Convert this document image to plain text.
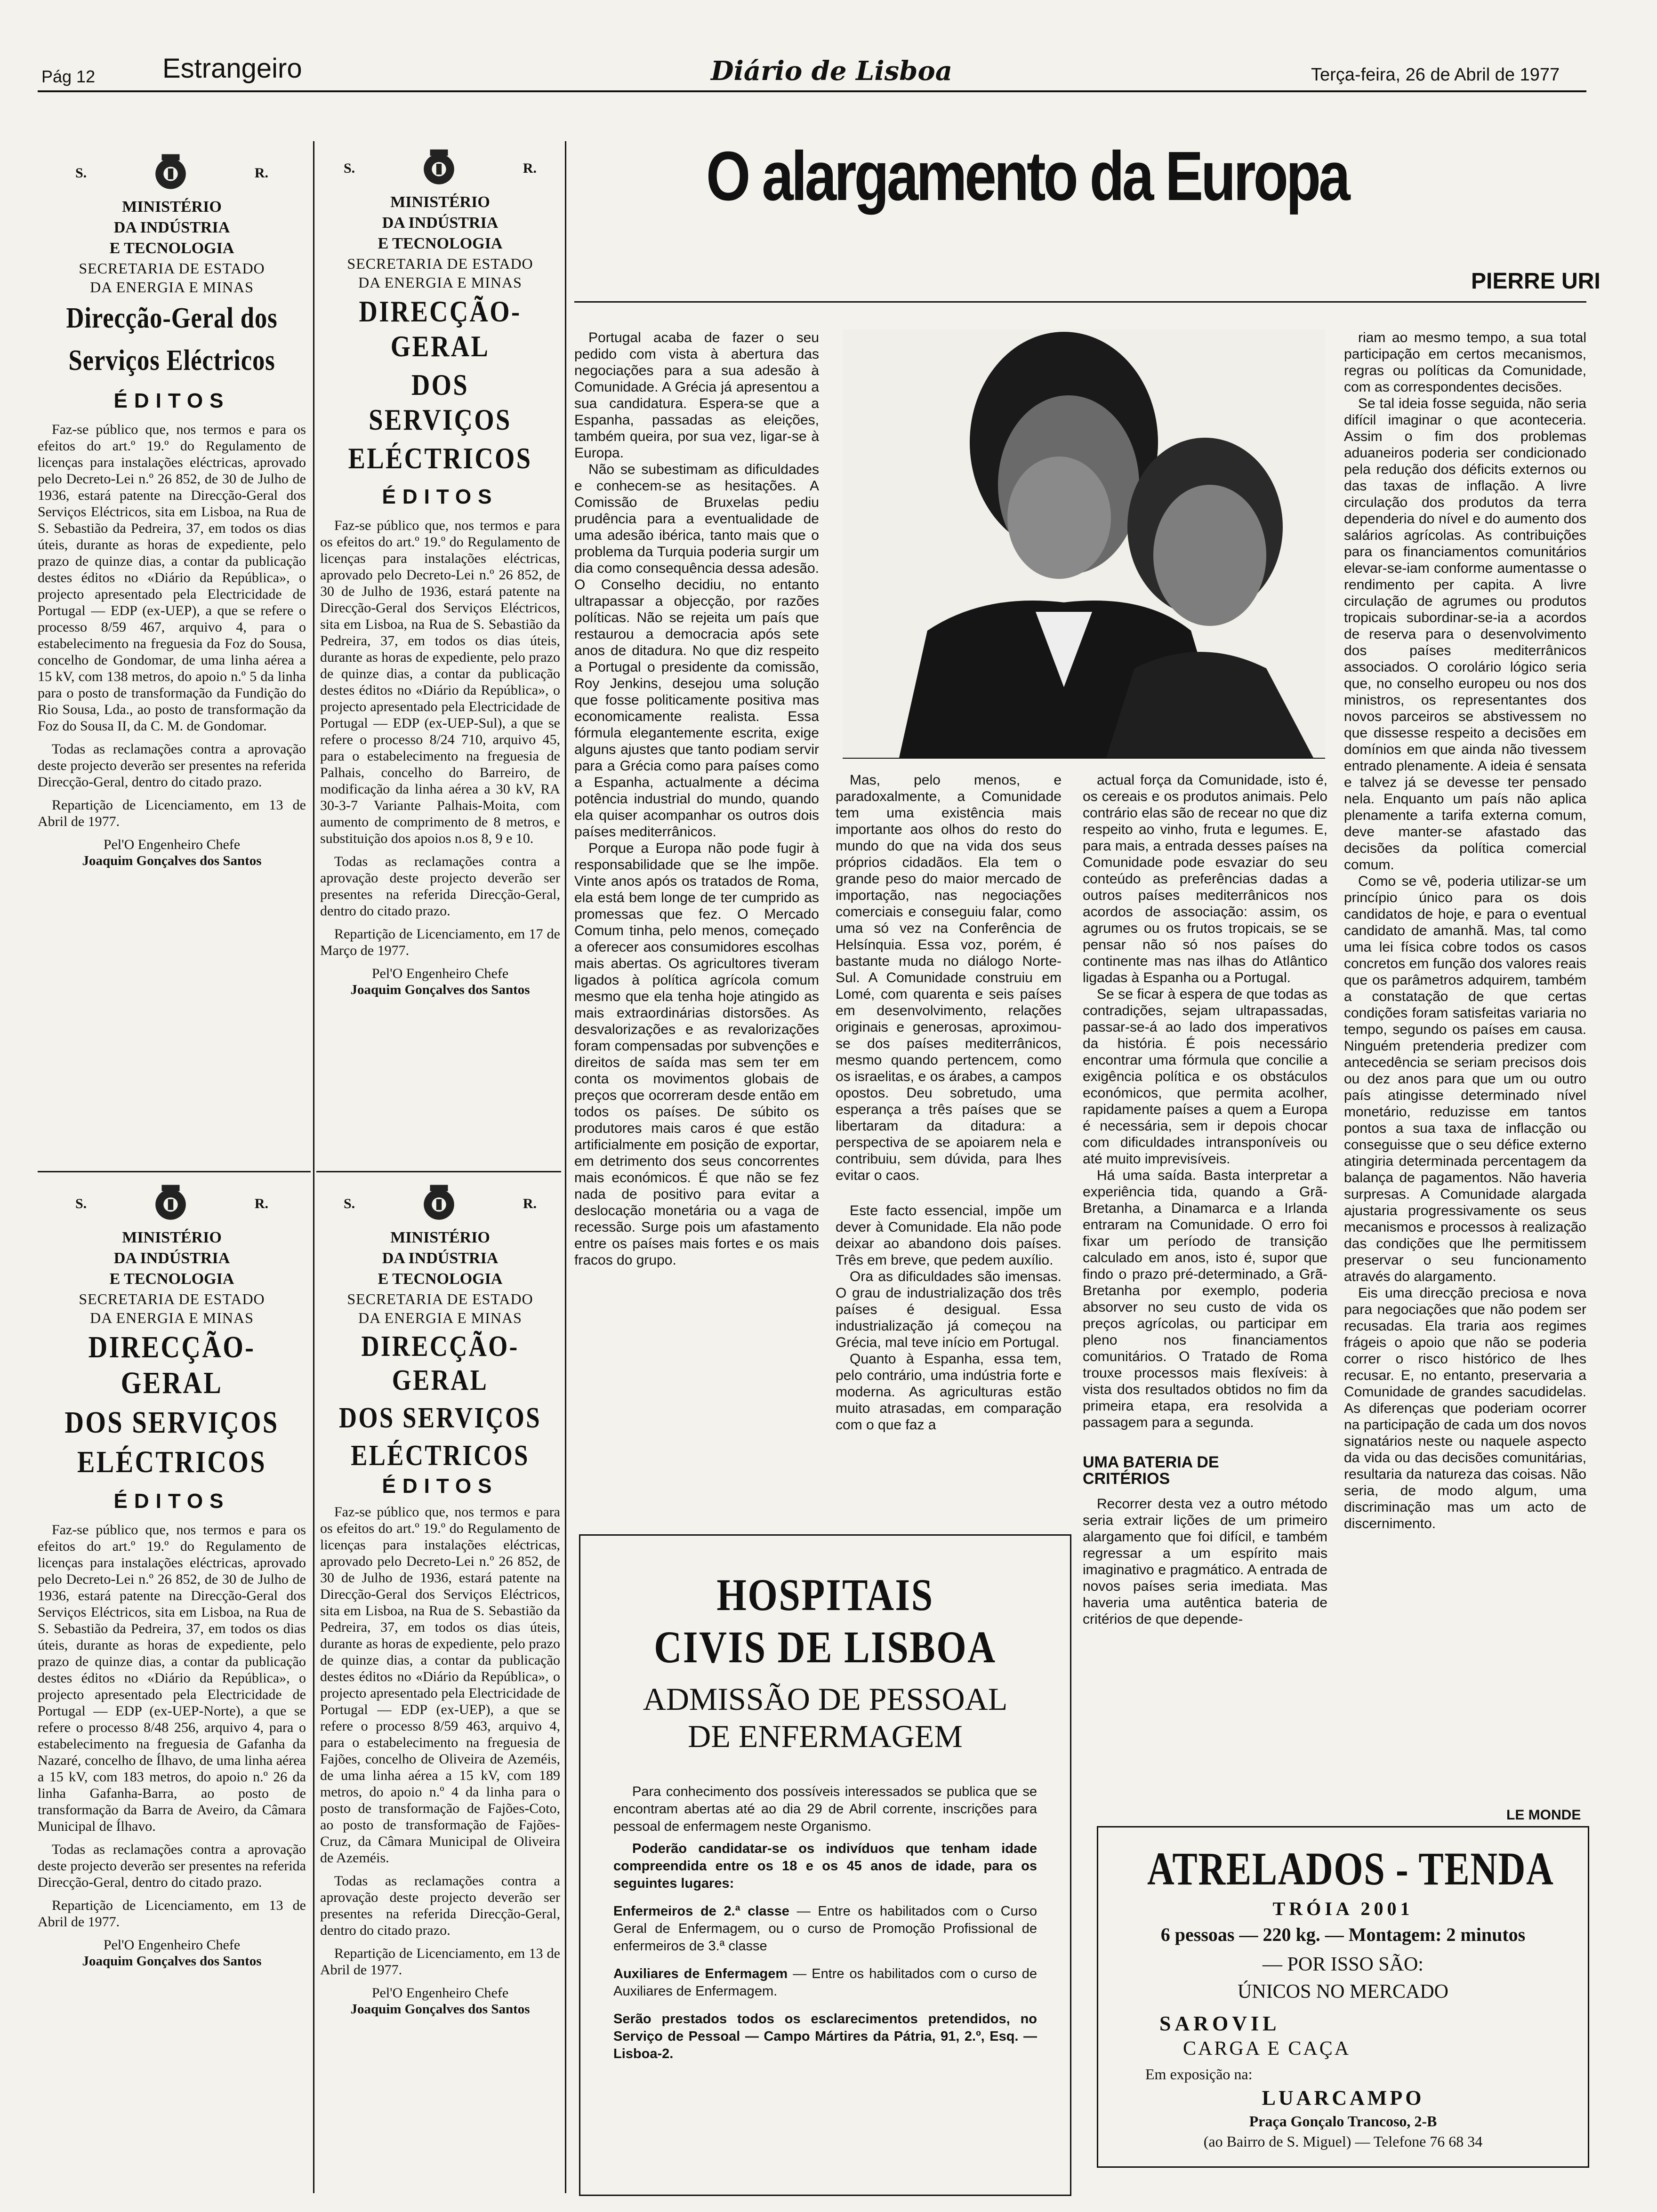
Pág 12 Estrangeiro	Diário de Lisboa	Terça-feira, 26 de Abril de 1977
S.	R.
MINISTÉRIO
DA INDÚSTRIA
E TECNOLOGIA
SECRETARIA DE ESTADO
DA ENERGIA E MINAS
Direcção-Geral dos
Serviços Eléctricos
ÉDITOS

Faz-se público que, nos termos e para os efeitos do art.º 19.º do Regulamento de licenças para instalações eléctricas, aprovado pelo Decreto-Lei n.º 26 852, de 30 de Julho de 1936, estará patente na Direcção-Geral dos Serviços Eléctricos, sita em Lisboa, na Rua de S. Sebastião da Pedreira, 37, em todos os dias úteis, durante as horas de expediente, pelo prazo de quinze dias, a contar da publicação destes éditos no «Diário da República», o projecto apresentado pela Electricidade de Portugal — EDP (ex-UEP), a que se refere o processo 8/59 467, arquivo 4, para o estabelecimento na freguesia da Foz do Sousa, concelho de Gondomar, de uma linha aérea a 15 kV, com 138 metros, do apoio n.º 5 da linha para o posto de transformação da Fundição do Rio Sousa, Lda., ao posto de transformação da Foz do Sousa II, da C. M. de Gondomar.

Todas as reclamações contra a aprovação deste projecto deverão ser presentes na referida Direcção-Geral, dentro do citado prazo.

Repartição de Licenciamento, em 13 de Abril de 1977.

Pel'O Engenheiro Chefe
Joaquim Gonçalves dos Santos
S.	R.
MINISTÉRIO
DA INDÚSTRIA
E TECNOLOGIA
SECRETARIA DE ESTADO
DA ENERGIA E MINAS
DIRECÇÃO-GERAL
DOS SERVIÇOS
ELÉCTRICOS
ÉDITOS

Faz-se público que, nos termos e para os efeitos do art.º 19.º do Regulamento de licenças para instalações eléctricas, aprovado pelo Decreto-Lei n.º 26 852, de 30 de Julho de 1936, estará patente na Direcção-Geral dos Serviços Eléctricos, sita em Lisboa, na Rua de S. Sebastião da Pedreira, 37, em todos os dias úteis, durante as horas de expediente, pelo prazo de quinze dias, a contar da publicação destes éditos no «Diário da República», o projecto apresentado pela Electricidade de Portugal — EDP (ex-UEP-Sul), a que se refere o processo 8/24 710, arquivo 45, para o estabelecimento na freguesia de Palhais, concelho do Barreiro, de modificação da linha aérea a 30 kV, RA 30-3-7 Variante Palhais-Moita, com aumento de comprimento de 8 metros, e substituição dos apoios n.os 8, 9 e 10.

Todas as reclamações contra a aprovação deste projecto deverão ser presentes na referida Direcção-Geral, dentro do citado prazo.

Repartição de Licenciamento, em 17 de Março de 1977.

Pel'O Engenheiro Chefe
Joaquim Gonçalves dos Santos
S.	R.
MINISTÉRIO
DA INDÚSTRIA
E TECNOLOGIA
SECRETARIA DE ESTADO
DA ENERGIA E MINAS
DIRECÇÃO-GERAL
DOS SERVIÇOS
ELÉCTRICOS
ÉDITOS

Faz-se público que, nos termos e para os efeitos do art.º 19.º do Regulamento de licenças para instalações eléctricas, aprovado pelo Decreto-Lei n.º 26 852, de 30 de Julho de 1936, estará patente na Direcção-Geral dos Serviços Eléctricos, sita em Lisboa, na Rua de S. Sebastião da Pedreira, 37, em todos os dias úteis, durante as horas de expediente, pelo prazo de quinze dias, a contar da publicação destes éditos no «Diário da República», o projecto apresentado pela Electricidade de Portugal — EDP (ex-UEP-Norte), a que se refere o processo 8/48 256, arquivo 4, para o estabelecimento na freguesia de Gafanha da Nazaré, concelho de Ílhavo, de uma linha aérea a 15 kV, com 183 metros, do apoio n.º 26 da linha Gafanha-Barra, ao posto de transformação da Barra de Aveiro, da Câmara Municipal de Ílhavo.

Todas as reclamações contra a aprovação deste projecto deverão ser presentes na referida Direcção-Geral, dentro do citado prazo.

Repartição de Licenciamento, em 13 de Abril de 1977.

Pel'O Engenheiro Chefe
Joaquim Gonçalves dos Santos
S.	R.
MINISTÉRIO
DA INDÚSTRIA
E TECNOLOGIA
SECRETARIA DE ESTADO
DA ENERGIA E MINAS
DIRECÇÃO-GERAL
DOS SERVIÇOS
ELÉCTRICOS
ÉDITOS

Faz-se público que, nos termos e para os efeitos do art.º 19.º do Regulamento de licenças para instalações eléctricas, aprovado pelo Decreto-Lei n.º 26 852, de 30 de Julho de 1936, estará patente na Direcção-Geral dos Serviços Eléctricos, sita em Lisboa, na Rua de S. Sebastião da Pedreira, 37, em todos os dias úteis, durante as horas de expediente, pelo prazo de quinze dias, a contar da publicação destes éditos no «Diário da República», o projecto apresentado pela Electricidade de Portugal — EDP (ex-UEP), a que se refere o processo 8/59 463, arquivo 4, para o estabelecimento na freguesia de Fajões, concelho de Oliveira de Azeméis, de uma linha aérea a 15 kV, com 189 metros, do apoio n.º 4 da linha para o posto de transformação de Fajões-Coto, ao posto de transformação de Fajões-Cruz, da Câmara Municipal de Oliveira de Azeméis.

Todas as reclamações contra a aprovação deste projecto deverão ser presentes na referida Direcção-Geral, dentro do citado prazo.

Repartição de Licenciamento, em 13 de Abril de 1977.

Pel'O Engenheiro Chefe
Joaquim Gonçalves dos Santos
O alargamento da Europa
PIERRE URI

Portugal acaba de fazer o seu pedido com vista à abertura das negociações para a sua adesão à Comunidade. A Grécia já apresentou a sua candidatura. Espera-se que a Espanha, passadas as eleições, também queira, por sua vez, ligar-se à Europa.

Não se subestimam as dificuldades e conhecem-se as hesitações. A Comissão de Bruxelas pediu prudência para a eventualidade de uma adesão ibérica, tanto mais que o problema da Turquia poderia surgir um dia como consequência dessa adesão. O Conselho decidiu, no entanto ultrapassar a objecção, por razões políticas. Não se rejeita um país que restaurou a democracia após sete anos de ditadura. No que diz respeito a Portugal o presidente da comissão, Roy Jenkins, desejou uma solução que fosse politicamente positiva mas economicamente realista. Essa fórmula elegantemente escrita, exige alguns ajustes que tanto podiam servir para a Grécia como para países como a Espanha, actualmente a décima potência industrial do mundo, quando ela quiser acompanhar os outros dois países mediterrânicos.

Porque a Europa não pode fugir à responsabilidade que se lhe impõe. Vinte anos após os tratados de Roma, ela está bem longe de ter cumprido as promessas que fez. O Mercado Comum tinha, pelo menos, começado a oferecer aos consumidores escolhas mais abertas. Os agricultores tiveram ligados à política agrícola comum mesmo que ela tenha hoje atingido as mais extraordinárias distorsões. As desvalorizações e as revalorizações foram compensadas por subvenções e direitos de saída mas sem ter em conta os movimentos globais de preços que ocorreram desde então em todos os países. De súbito os produtores mais caros é que estão artificialmente em posição de exportar, em detrimento dos seus concorrentes mais económicos. É que não se fez nada de positivo para evitar a deslocação monetária ou a vaga de recessão. Surge pois um afastamento entre os países mais fortes e os mais fracos do grupo.

Mas, pelo menos, e paradoxalmente, a Comunidade tem uma existência mais importante aos olhos do resto do mundo do que na vida dos seus próprios cidadãos. Ela tem o grande peso do maior mercado de importação, nas negociações comerciais e conseguiu falar, como uma só vez na Conferência de Helsínquia. Essa voz, porém, é bastante muda no diálogo Norte-Sul. A Comunidade construiu em Lomé, com quarenta e seis países em desenvolvimento, relações originais e generosas, aproximou-se dos países mediterrânicos, mesmo quando pertencem, como os israelitas, e os árabes, a campos opostos. Deu sobretudo, uma esperança a três países que se libertaram da ditadura: a perspectiva de se apoiarem nela e contribuiu, sem dúvida, para lhes evitar o caos.

Este facto essencial, impõe um dever à Comunidade. Ela não pode deixar ao abandono dois países. Três em breve, que pedem auxílio.

Ora as dificuldades são imensas. O grau de industrialização dos três países é desigual. Essa industrialização já começou na Grécia, mal teve início em Portugal.

Quanto à Espanha, essa tem, pelo contrário, uma indústria forte e moderna. As agriculturas estão muito atrasadas, em comparação com o que faz a

actual força da Comunidade, isto é, os cereais e os produtos animais. Pelo contrário elas são de recear no que diz respeito ao vinho, fruta e legumes. E, para mais, a entrada desses países na Comunidade pode esvaziar do seu conteúdo as preferências dadas a outros países mediterrânicos nos acordos de associação: assim, os agrumes ou os frutos tropicais, se se pensar não só nos países do continente mas nas ilhas do Atlântico ligadas à Espanha ou a Portugal.

Se se ficar à espera de que todas as contradições, sejam ultrapassadas, passar-se-á ao lado dos imperativos da história. É pois necessário encontrar uma fórmula que concilie a exigência política e os obstáculos económicos, que permita acolher, rapidamente países a quem a Europa é necessária, sem ir depois chocar com dificuldades intransponíveis ou até muito imprevisíveis.

Há uma saída. Basta interpretar a experiência tida, quando a Grã-Bretanha, a Dinamarca e a Irlanda entraram na Comunidade. O erro foi fixar um período de transição calculado em anos, isto é, supor que findo o prazo pré-determinado, a Grã-Bretanha por exemplo, poderia absorver no seu custo de vida os preços agrícolas, ou participar em pleno nos financiamentos comunitários. O Tratado de Roma trouxe processos mais flexíveis: à vista dos resultados obtidos no fim da primeira etapa, era resolvida a passagem para a segunda.

UMA BATERIA DE
CRITÉRIOS

Recorrer desta vez a outro método seria extrair lições de um primeiro alargamento que foi difícil, e também regressar a um espírito mais imaginativo e pragmático. A entrada de novos países seria imediata. Mas haveria uma autêntica bateria de critérios de que depende-

riam ao mesmo tempo, a sua total participação em certos mecanismos, regras ou políticas da Comunidade, com as correspondentes decisões.

Se tal ideia fosse seguida, não seria difícil imaginar o que aconteceria. Assim o fim dos problemas aduaneiros poderia ser condicionado pela redução dos déficits externos ou das taxas de inflação. A livre circulação dos produtos da terra dependeria do nível e do aumento dos salários agrícolas. As contribuições para os financiamentos comunitários elevar-se-iam conforme aumentasse o rendimento per capita. A livre circulação de agrumes ou produtos tropicais subordinar-se-ia a acordos de reserva para o desenvolvimento dos países mediterrânicos associados. O corolário lógico seria que, no conselho europeu ou nos dos ministros, os representantes dos novos parceiros se abstivessem no que dissesse respeito a decisões em domínios em que ainda não tivessem entrado plenamente. A ideia é sensata e talvez já se devesse ter pensado nela. Enquanto um país não aplica plenamente a tarifa externa comum, deve manter-se afastado das decisões da política comercial comum.

Como se vê, poderia utilizar-se um princípio único para os dois candidatos de hoje, e para o eventual candidato de amanhã. Mas, tal como uma lei física cobre todos os casos concretos em função dos valores reais que os parâmetros adquirem, também a constatação de que certas condições foram satisfeitas variaria no tempo, segundo os países em causa. Ninguém pretenderia predizer com antecedência se seriam precisos dois ou dez anos para que um ou outro país atingisse determinado nível monetário, reduzisse em tantos pontos a sua taxa de inflacção ou conseguisse que o seu défice externo atingiria determinada percentagem da balança de pagamentos. Não haveria surpresas. A Comunidade alargada ajustaria progressivamente os seus mecanismos e processos à realização das condições que lhe permitissem preservar o seu funcionamento através do alargamento.

Eis uma direcção preciosa e nova para negociações que não podem ser recusadas. Ela traria aos regimes frágeis o apoio que não se poderia correr o risco histórico de lhes recusar. E, no entanto, preservaria a Comunidade de grandes sacudidelas. As diferenças que poderiam ocorrer na participação de cada um dos novos signatários neste ou naquele aspecto da vida ou das decisões comunitárias, resultaria da natureza das coisas. Não seria, de modo algum, uma discriminação mas um acto de discernimento.

LE MONDE
HOSPITAIS
CIVIS DE LISBOA
ADMISSÃO DE PESSOAL
DE ENFERMAGEM

Para conhecimento dos possíveis interessados se publica que se encontram abertas até ao dia 29 de Abril corrente, inscrições para pessoal de enfermagem neste Organismo.

Poderão candidatar-se os indivíduos que tenham idade compreendida entre os 18 e os 45 anos de idade, para os seguintes lugares:

Enfermeiros de 2.ª classe — Entre os habilitados com o Curso Geral de Enfermagem, ou o curso de Promoção Profissional de enfermeiros de 3.ª classe

Auxiliares de Enfermagem — Entre os habilitados com o curso de Auxiliares de Enfermagem.

Serão prestados todos os esclarecimentos pretendidos, no Serviço de Pessoal — Campo Mártires da Pátria, 91, 2.º, Esq. — Lisboa-2.

ATRELADOS - TENDA
TRÓIA 2001
6 pessoas — 220 kg. — Montagem: 2 minutos
— POR ISSO SÃO:
ÚNICOS NO MERCADO
SAROVIL
CARGA E CAÇA
Em exposição na:
LUARCAMPO
Praça Gonçalo Trancoso, 2-B
(ao Bairro de S. Miguel) — Telefone 76 68 34
